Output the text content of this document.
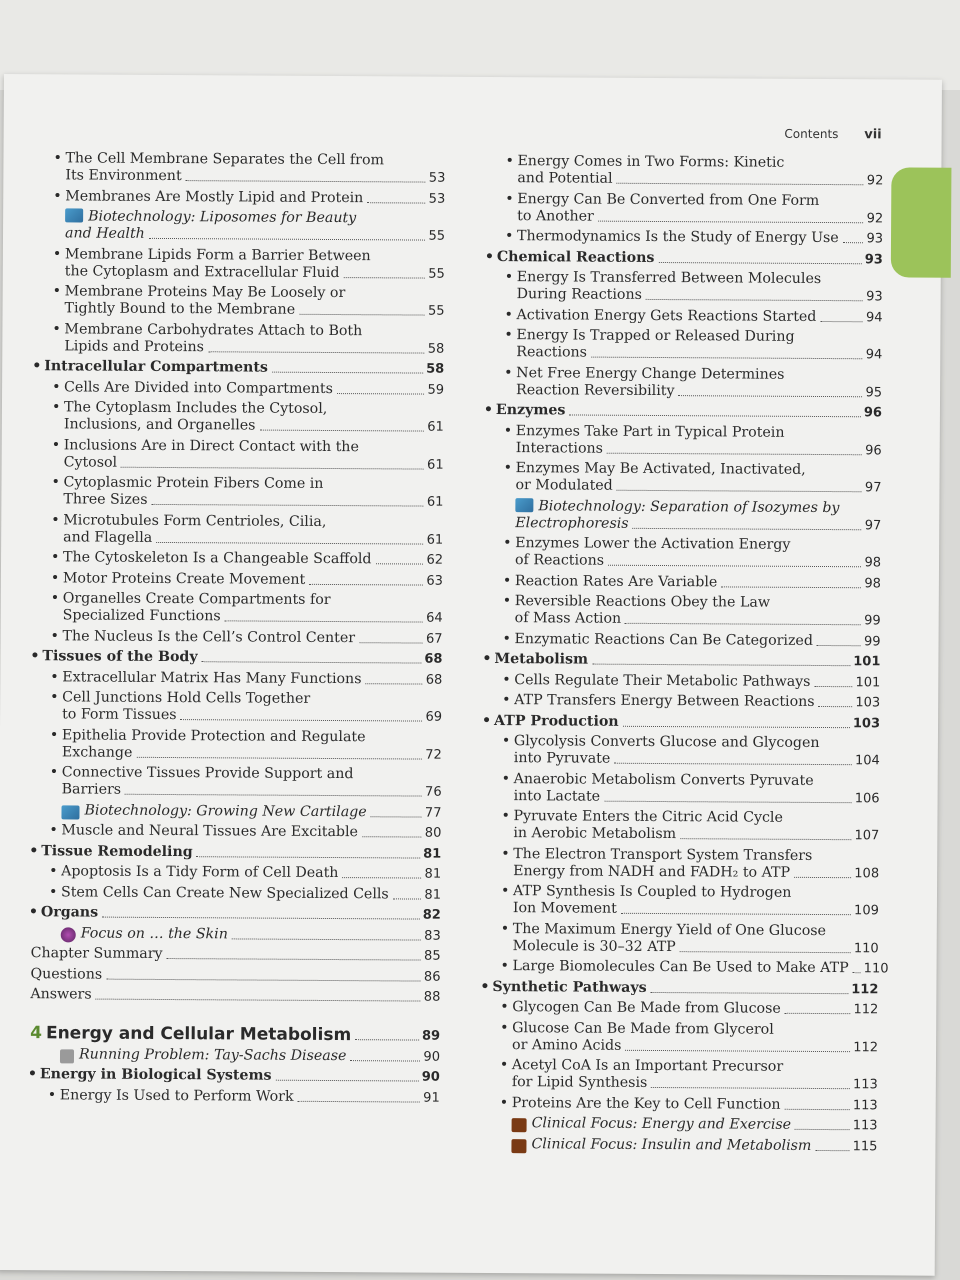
Contents vii
• The Cell Membrane Separates the Cell from
Its Environment	53
• Membranes Are Mostly Lipid and Protein	53
Biotechnology: Liposomes for Beauty
and Health	55
• Membrane Lipids Form a Barrier Between
the Cytoplasm and Extracellular Fluid	55
• Membrane Proteins May Be Loosely or
Tightly Bound to the Membrane	55
• Membrane Carbohydrates Attach to Both
Lipids and Proteins	58
• Intracellular Compartments	58
• Cells Are Divided into Compartments	59
• The Cytoplasm Includes the Cytosol,
Inclusions, and Organelles	61
• Inclusions Are in Direct Contact with the
Cytosol	61
• Cytoplasmic Protein Fibers Come in
Three Sizes	61
• Microtubules Form Centrioles, Cilia,
and Flagella	61
• The Cytoskeleton Is a Changeable Scaffold	62
• Motor Proteins Create Movement	63
• Organelles Create Compartments for
Specialized Functions	64
• The Nucleus Is the Cell’s Control Center	67
• Tissues of the Body	68
• Extracellular Matrix Has Many Functions	68
• Cell Junctions Hold Cells Together
to Form Tissues	69
• Epithelia Provide Protection and Regulate
Exchange	72
• Connective Tissues Provide Support and
Barriers	76
Biotechnology: Growing New Cartilage	77
• Muscle and Neural Tissues Are Excitable	80
• Tissue Remodeling	81
• Apoptosis Is a Tidy Form of Cell Death	81
• Stem Cells Can Create New Specialized Cells	81
• Organs	82
Focus on … the Skin	83
Chapter Summary	85
Questions	86
Answers	88
4 Energy and Cellular Metabolism	89
Running Problem: Tay-Sachs Disease	90
• Energy in Biological Systems	90
• Energy Is Used to Perform Work	91
• Energy Comes in Two Forms: Kinetic
and Potential	92
• Energy Can Be Converted from One Form
to Another	92
• Thermodynamics Is the Study of Energy Use 93
• Chemical Reactions	93
• Energy Is Transferred Between Molecules
During Reactions	93
• Activation Energy Gets Reactions Started	94
• Energy Is Trapped or Released During
Reactions	94
• Net Free Energy Change Determines
Reaction Reversibility	95
• Enzymes	96
• Enzymes Take Part in Typical Protein
Interactions	96
• Enzymes May Be Activated, Inactivated,
or Modulated	97
Biotechnology: Separation of Isozymes by
Electrophoresis	97
• Enzymes Lower the Activation Energy
of Reactions	98
• Reaction Rates Are Variable	98
• Reversible Reactions Obey the Law
of Mass Action	99
• Enzymatic Reactions Can Be Categorized	99
• Metabolism	101
• Cells Regulate Their Metabolic Pathways	101
• ATP Transfers Energy Between Reactions	103
• ATP Production	103
• Glycolysis Converts Glucose and Glycogen
into Pyruvate	104
• Anaerobic Metabolism Converts Pyruvate
into Lactate	106
• Pyruvate Enters the Citric Acid Cycle
in Aerobic Metabolism	107
• The Electron Transport System Transfers
Energy from NADH and FADH₂ to ATP	108
• ATP Synthesis Is Coupled to Hydrogen
Ion Movement	109
• The Maximum Energy Yield of One Glucose
Molecule is 30–32 ATP	110
• Large Biomolecules Can Be Used to Make ATP 110
• Synthetic Pathways	112
• Glycogen Can Be Made from Glucose	112
• Glucose Can Be Made from Glycerol
or Amino Acids	112
• Acetyl CoA Is an Important Precursor
for Lipid Synthesis	113
• Proteins Are the Key to Cell Function	113
Clinical Focus: Energy and Exercise	113
Clinical Focus: Insulin and Metabolism	115
